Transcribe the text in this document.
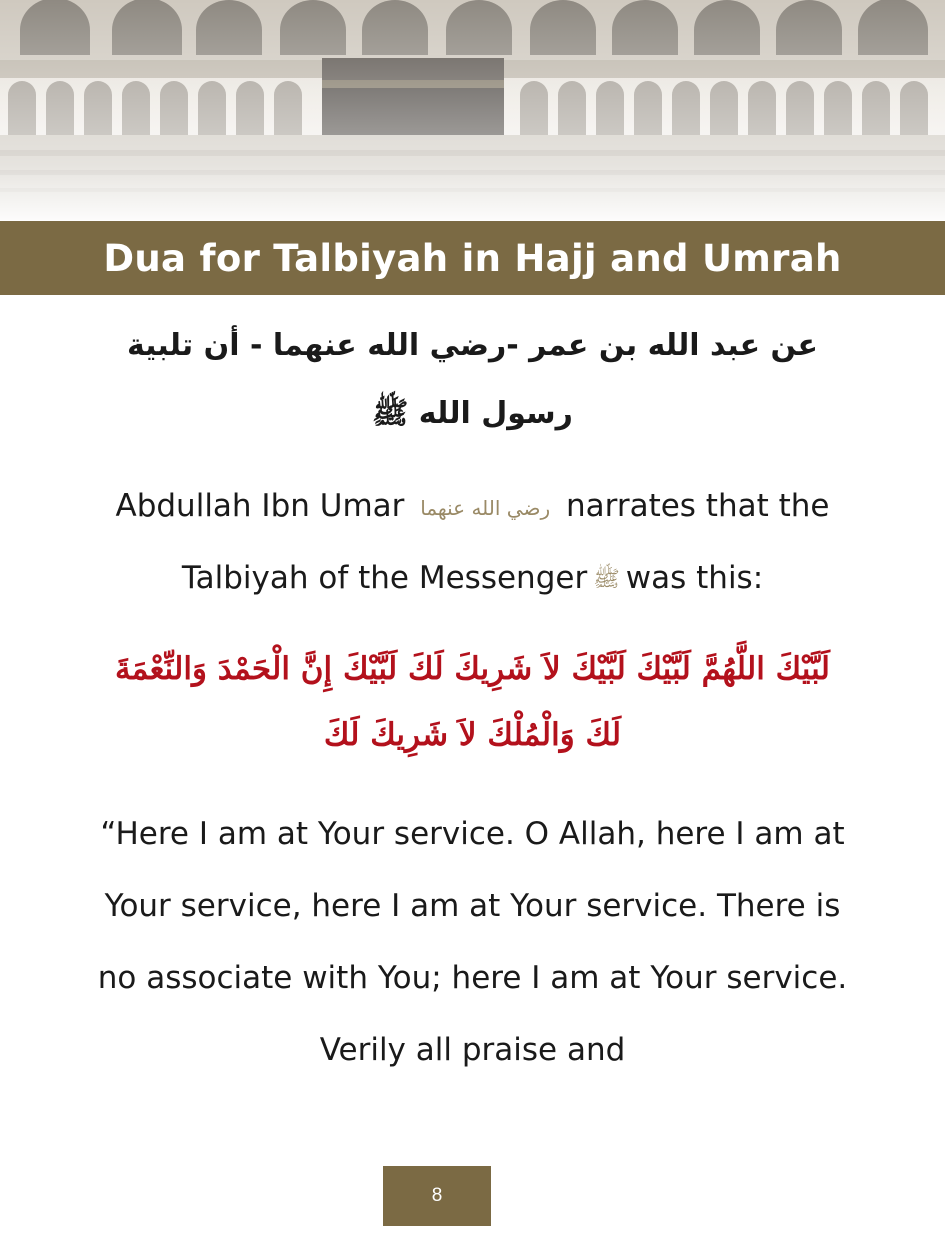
Dua for Talbiyah in Hajj and Umrah

عن عبد الله بن عمر -رضي الله عنهما - أن تلبية رسول الله ﷺ

Abdullah Ibn Umar رضي الله عنهما narrates that the
Talbiyah of the Messenger ﷺ was this:

لَبَّيْكَ اللَّهُمَّ لَبَّيْكَ لَبَّيْكَ لاَ شَرِيكَ لَكَ لَبَّيْكَ إِنَّ الْحَمْدَ وَالنِّعْمَةَ لَكَ وَالْمُلْكَ لاَ شَرِيكَ لَكَ

“Here I am at Your service. O Allah, here I am at Your service, here I am at Your service. There is no associate with You; here I am at Your service. Verily all praise and

8
